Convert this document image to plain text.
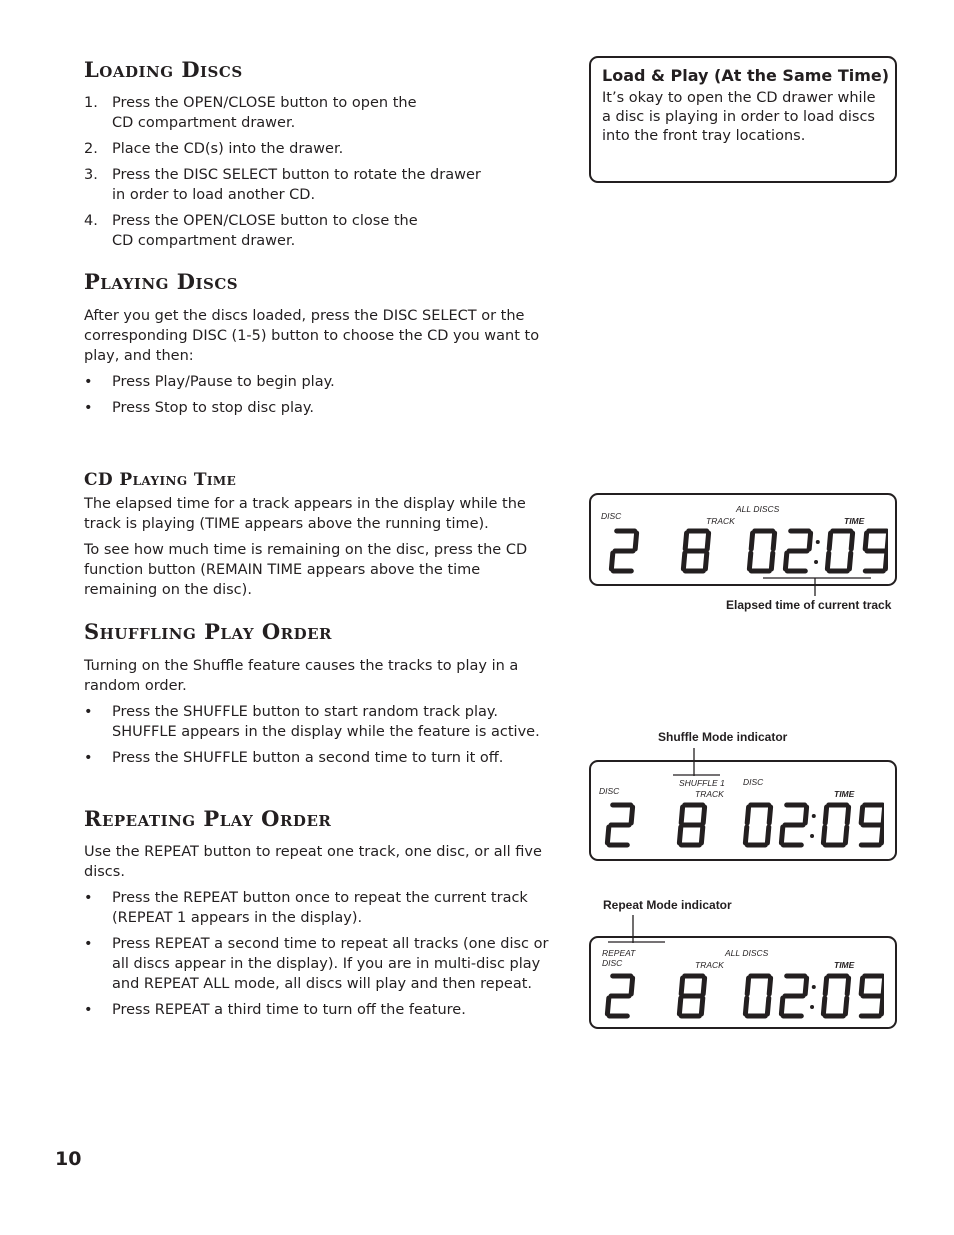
Loading Discs
1. Press the OPEN/CLOSE button to open the
CD compartment drawer.
2. Place the CD(s) into the drawer.
3. Press the DISC SELECT button to rotate the drawer
in order to load another CD.
4. Press the OPEN/CLOSE button to close the
CD compartment drawer.
Playing Discs

After you get the discs loaded, press the DISC SELECT or the corresponding DISC (1-5) button to choose the CD you want to play, and then:

• Press Play/Pause to begin play.
• Press Stop to stop disc play.
CD Playing Time

The elapsed time for a track appears in the display while the track is playing (TIME appears above the running time).

To see how much time is remaining on the disc, press the CD function button (REMAIN TIME appears above the time remaining on the disc).

Shuffling Play Order

Turning on the Shuffle feature causes the tracks to play in a random order.

• Press the SHUFFLE button to start random track play. SHUFFLE appears in the display while the feature is active.
• Press the SHUFFLE button a second time to turn it off.
Repeating Play Order

Use the REPEAT button to repeat one track, one disc, or all five discs.

• Press the REPEAT button once to repeat the current track (REPEAT 1 appears in the display).
• Press REPEAT a second time to repeat all tracks (one disc or all discs appear in the display). If you are in multi-disc play and REPEAT ALL mode, all discs will play and then repeat.
• Press REPEAT a third time to turn off the feature.
10
Load & Play (At the Same Time)
It’s okay to open the CD drawer while a disc is playing in order to load discs into the front tray locations.
DISC	TRACK
ALL DISCS
TIME
Elapsed time of current track
Shuffle Mode indicator
DISC
SHUFFLE 1
TRACK
DISC
TIME
Repeat Mode indicator
REPEAT
DISC	TRACK
ALL DISCS
TIME
